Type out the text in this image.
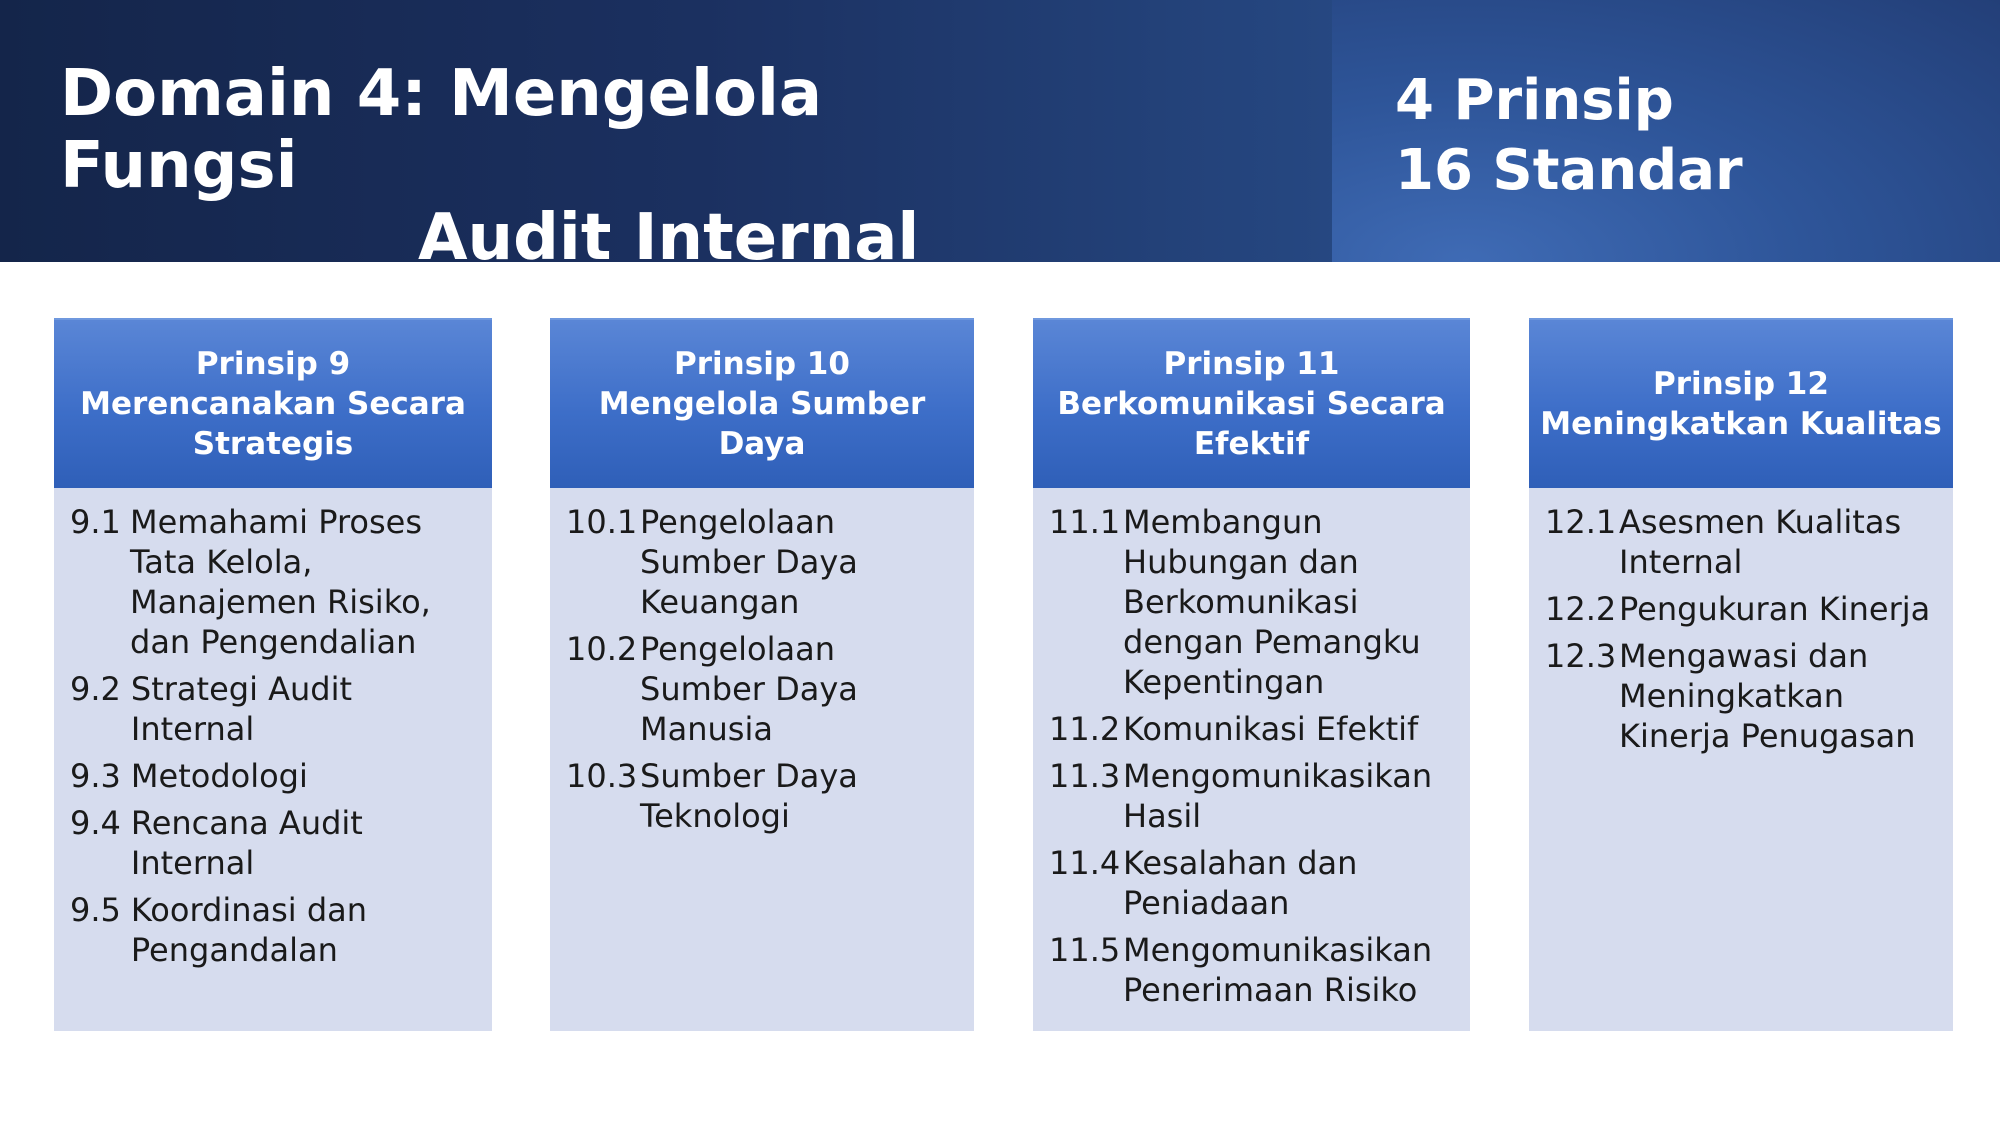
Domain 4: Mengelola Fungsi
Audit Internal
4 Prinsip
16 Standar
Prinsip 9
Merencanakan Secara
Strategis
9.1 Memahami Proses Tata Kelola, Manajemen Risiko, dan Pengendalian
9.2 Strategi Audit Internal
9.3 Metodologi
9.4 Rencana Audit Internal
9.5 Koordinasi dan Pengandalan
Prinsip 10
Mengelola Sumber Daya
10.1 Pengelolaan Sumber Daya Keuangan
10.2 Pengelolaan Sumber Daya Manusia
10.3 Sumber Daya Teknologi
Prinsip 11
Berkomunikasi Secara
Efektif
11.1 Membangun Hubungan dan Berkomunikasi dengan Pemangku Kepentingan
11.2 Komunikasi Efektif
11.3 Mengomunikasikan Hasil
11.4 Kesalahan dan Peniadaan
11.5 Mengomunikasikan Penerimaan Risiko
Prinsip 12
Meningkatkan Kualitas
12.1 Asesmen Kualitas Internal
12.2 Pengukuran Kinerja
12.3 Mengawasi dan Meningkatkan Kinerja Penugasan
